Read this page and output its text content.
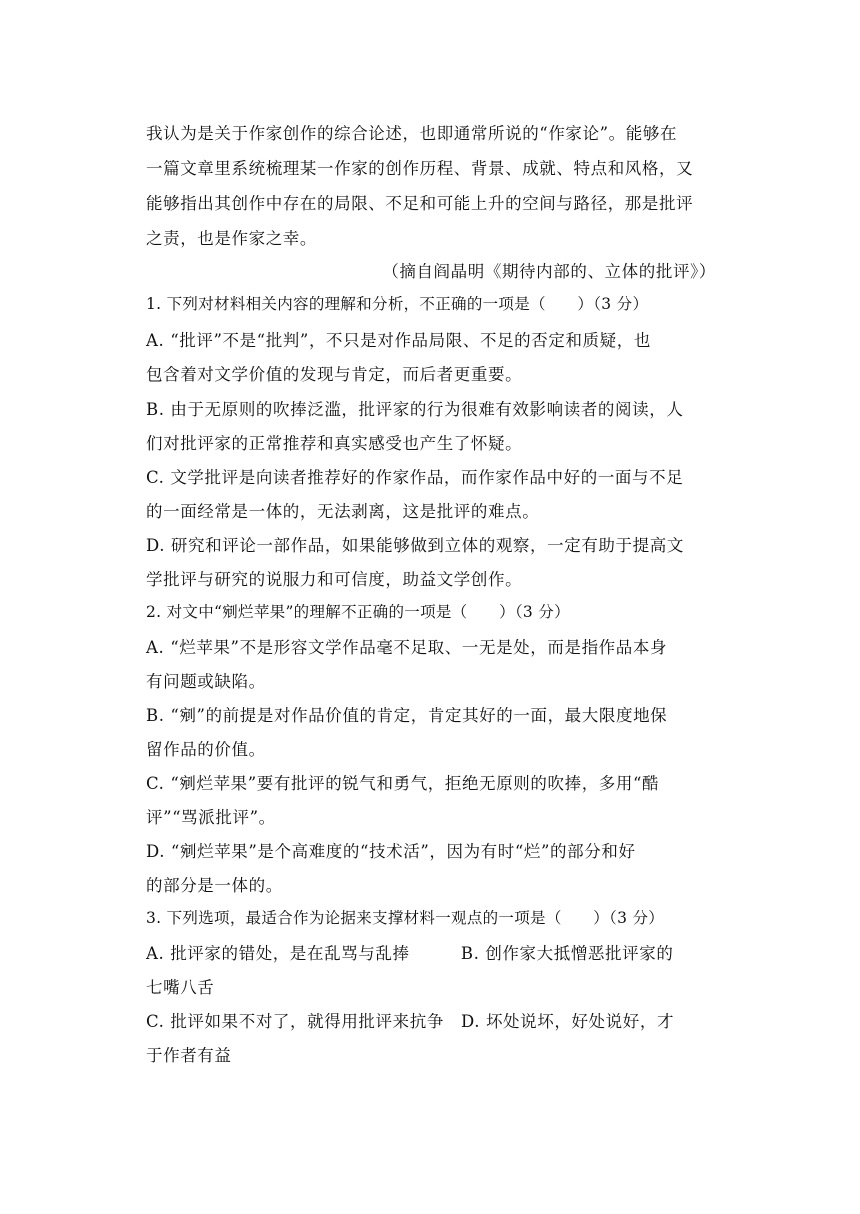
我认为是关于作家创作的综合论述，也即通常所说的“作家论”。能够在
一篇文章里系统梳理某一作家的创作历程、背景、成就、特点和风格，又
能够指出其创作中存在的局限、不足和可能上升的空间与路径，那是批评
之责，也是作家之幸。
（摘自阎晶明《期待内部的、立体的批评》）
1. 下列对材料相关内容的理解和分析，不正确的一项是（　　）（3 分）
A. “批评”不是“批判”，不只是对作品局限、不足的否定和质疑，也
包含着对文学价值的发现与肯定，而后者更重要。
B. 由于无原则的吹捧泛滥，批评家的行为很难有效影响读者的阅读，人
们对批评家的正常推荐和真实感受也产生了怀疑。
C. 文学批评是向读者推荐好的作家作品，而作家作品中好的一面与不足
的一面经常是一体的，无法剥离，这是批评的难点。
D. 研究和评论一部作品，如果能够做到立体的观察，一定有助于提高文
学批评与研究的说服力和可信度，助益文学创作。
2. 对文中“剜烂苹果”的理解不正确的一项是（　　）（3 分）
A. “烂苹果”不是形容文学作品毫不足取、一无是处，而是指作品本身
有问题或缺陷。
B. “剜”的前提是对作品价值的肯定，肯定其好的一面，最大限度地保
留作品的价值。
C. “剜烂苹果”要有批评的锐气和勇气，拒绝无原则的吹捧，多用“酷
评”“骂派批评”。
D. “剜烂苹果”是个高难度的“技术活”，因为有时“烂”的部分和好
的部分是一体的。
3. 下列选项，最适合作为论据来支撑材料一观点的一项是（　　）（3 分）
A. 批评家的错处，是在乱骂与乱捧　　　B. 创作家大抵憎恶批评家的
七嘴八舌
C. 批评如果不对了，就得用批评来抗争　D. 坏处说坏，好处说好，才
于作者有益
